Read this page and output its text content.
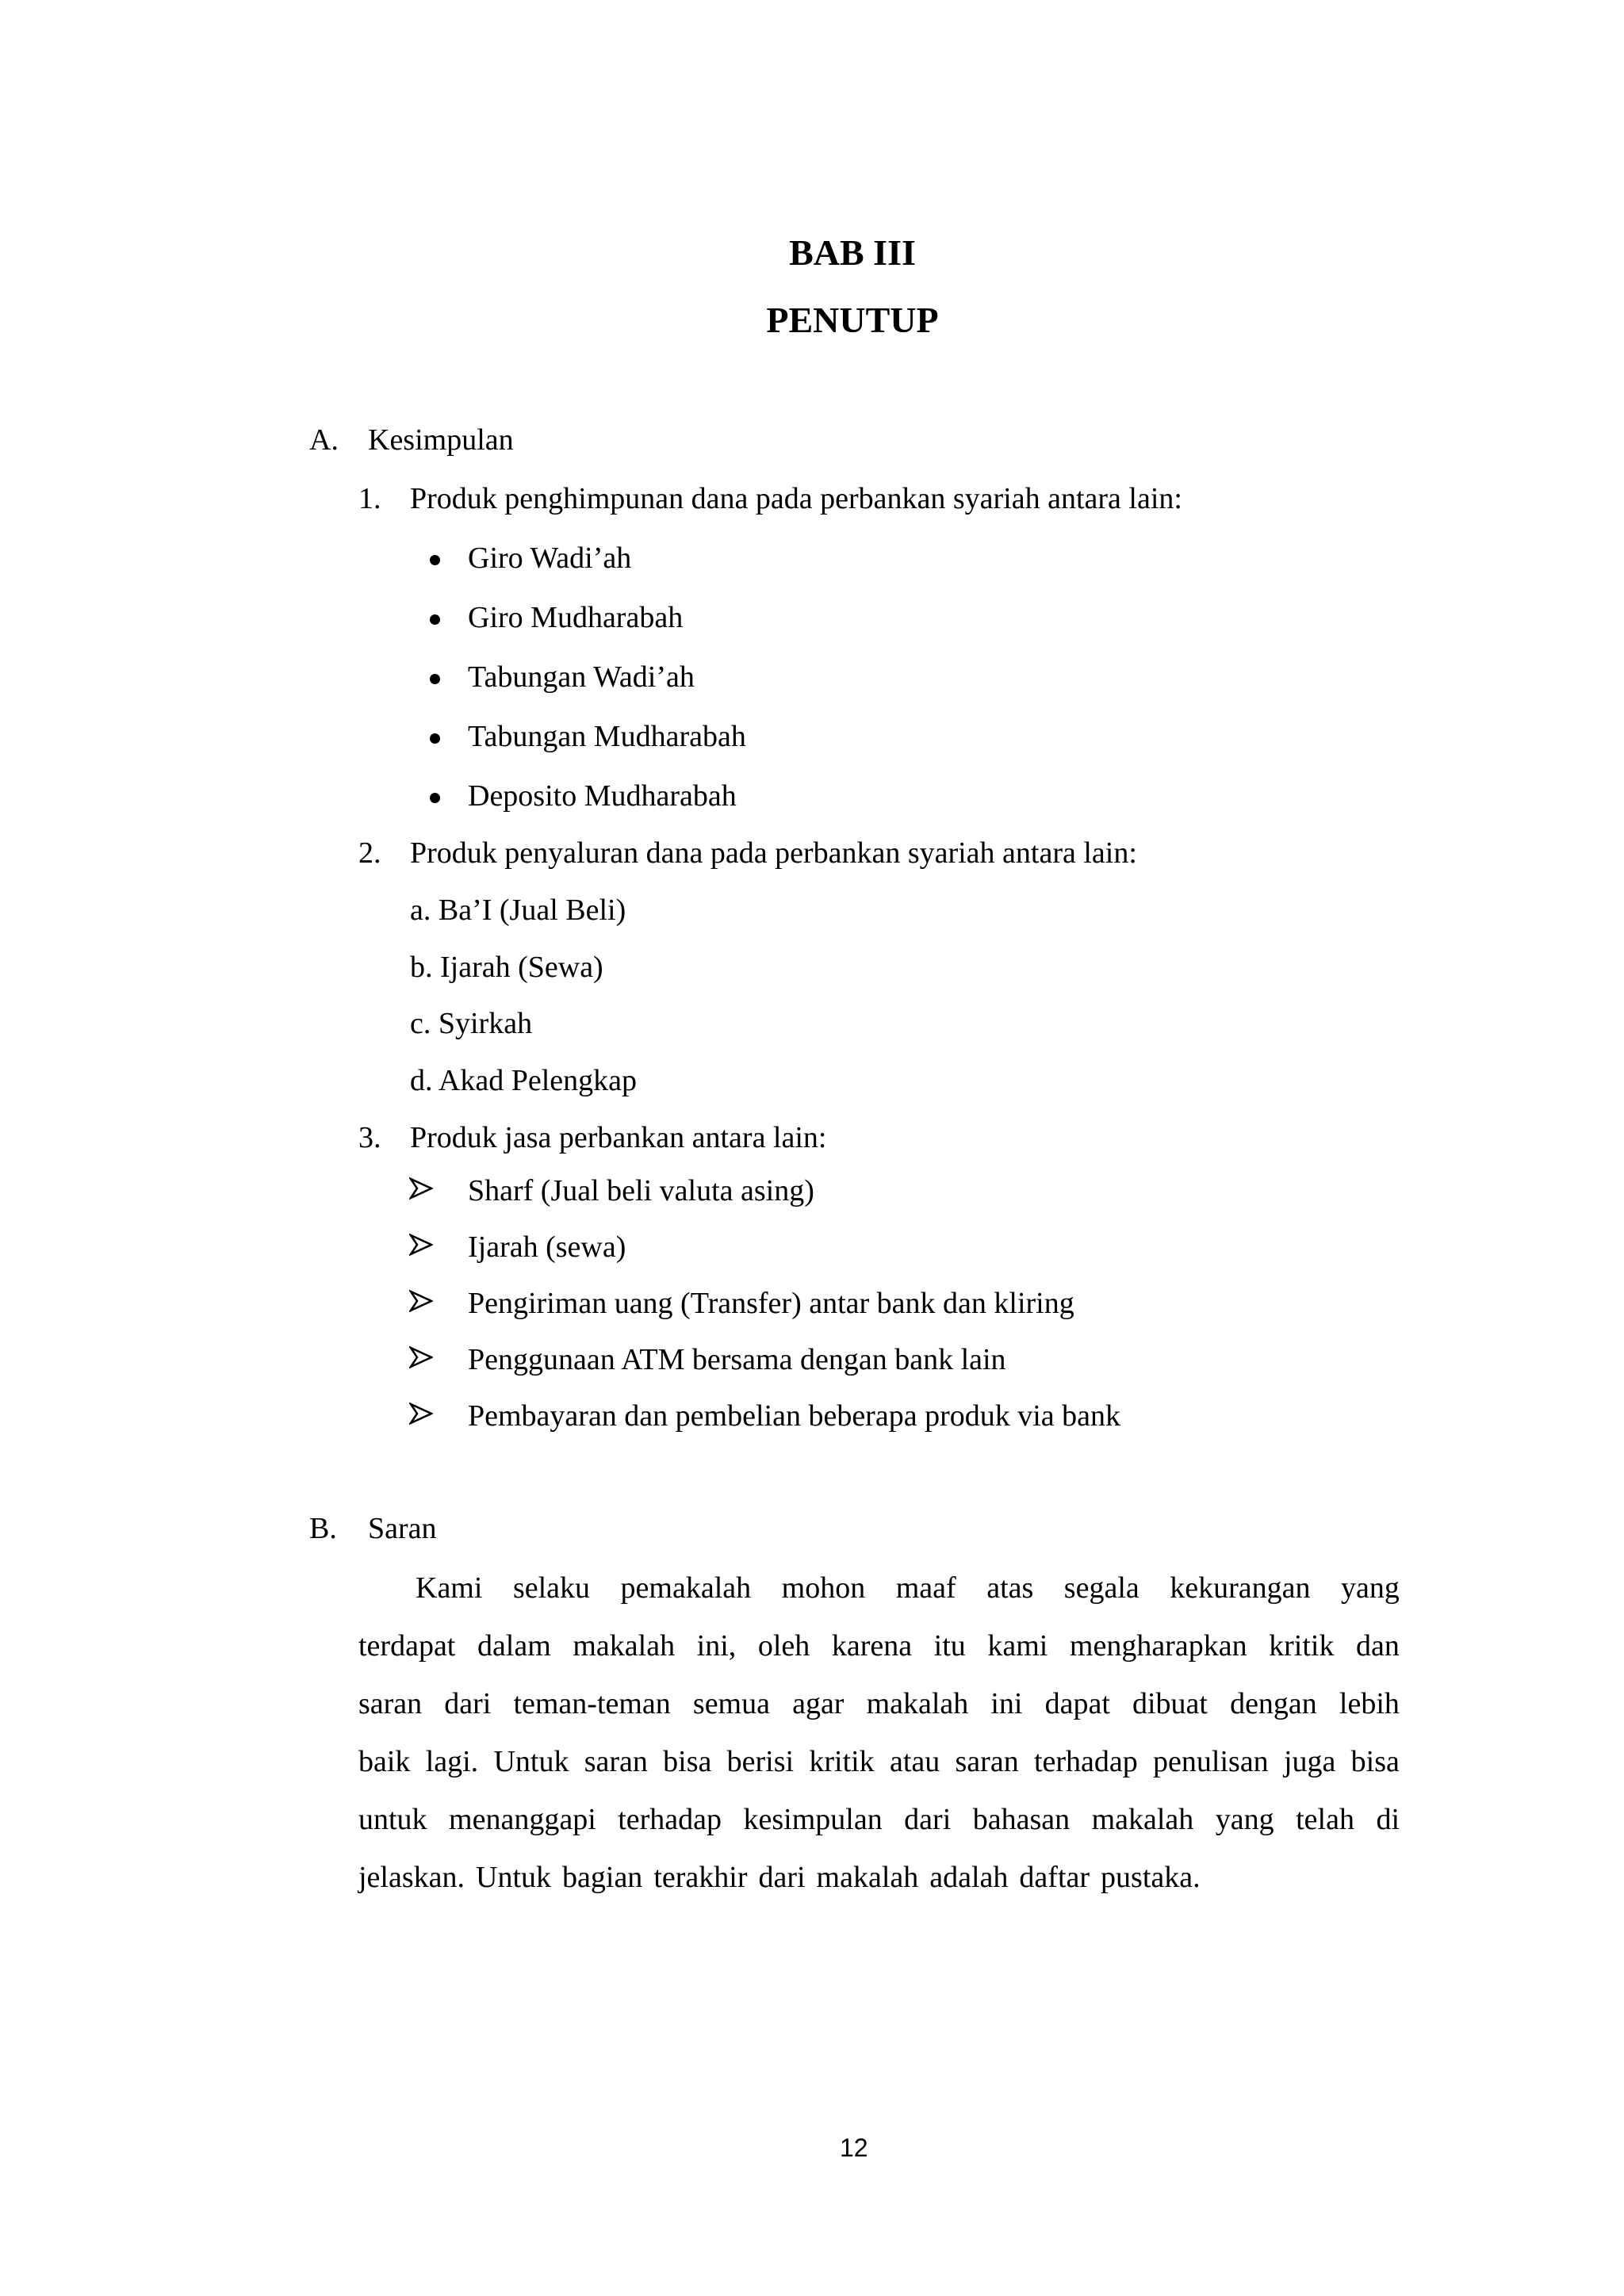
BAB III
PENUTUP
A. Kesimpulan
1. Produk penghimpunan dana pada perbankan syariah antara lain:
Giro Wadi’ah
Giro Mudharabah
Tabungan Wadi’ah
Tabungan Mudharabah
Deposito Mudharabah
2. Produk penyaluran dana pada perbankan syariah antara lain:
a. Ba’I (Jual Beli)
b. Ijarah (Sewa)
c. Syirkah
d. Akad Pelengkap
3. Produk jasa perbankan antara lain:
Sharf (Jual beli valuta asing)
Ijarah (sewa)
Pengiriman uang (Transfer) antar bank dan kliring
Penggunaan ATM bersama dengan bank lain
Pembayaran dan pembelian beberapa produk via bank
B. Saran
Kami selaku pemakalah mohon maaf atas segala kekurangan yang
terdapat dalam makalah ini, oleh karena itu kami mengharapkan kritik dan
saran dari teman-teman semua agar makalah ini dapat dibuat dengan lebih
baik lagi. Untuk saran bisa berisi kritik atau saran terhadap penulisan juga bisa
untuk menanggapi terhadap kesimpulan dari bahasan makalah yang telah di
jelaskan. Untuk bagian terakhir dari makalah adalah daftar pustaka.
12
